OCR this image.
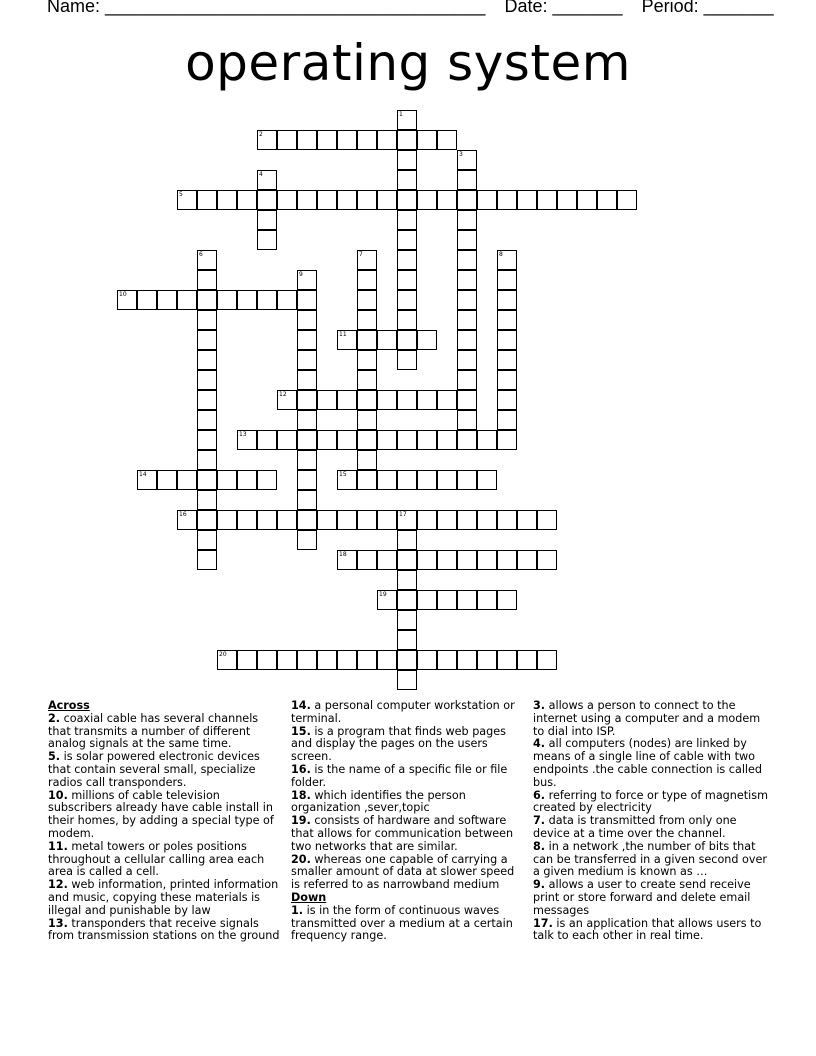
Name: ______________________________________ Date: _______ Period: _______
operating system
1
2
3
4
5
6	7	8
9
10
11
12
13
14	15
16	17
18
19
20
Across
2. coaxial cable has several channels that transmits a number of different analog signals at the same time.
5. is solar powered electronic devices that contain several small, specialize radios call transponders.
10. millions of cable television subscribers already have cable install in their homes, by adding a special type of modem.
11. metal towers or poles positions throughout a cellular calling area each area is called a cell.
12. web information, printed information and music, copying these materials is illegal and punishable by law
13. transponders that receive signals from transmission stations on the ground
14. a personal computer workstation or terminal.
15. is a program that finds web pages and display the pages on the users screen.
16. is the name of a specific file or file folder.
18. which identifies the person organization ,sever,topic
19. consists of hardware and software that allows for communication between two networks that are similar.
20. whereas one capable of carrying a smaller amount of data at slower speed is referred to as narrowband medium
Down
1. is in the form of continuous waves transmitted over a medium at a certain frequency range.
3. allows a person to connect to the internet using a computer and a modem to dial into ISP.
4. all computers (nodes) are linked by means of a single line of cable with two endpoints .the cable connection is called bus.
6. referring to force or type of magnetism created by electricity
7. data is transmitted from only one device at a time over the channel.
8. in a network ,the number of bits that can be transferred in a given second over a given medium is known as …
9. allows a user to create send receive print or store forward and delete email messages
17. is an application that allows users to talk to each other in real time.
